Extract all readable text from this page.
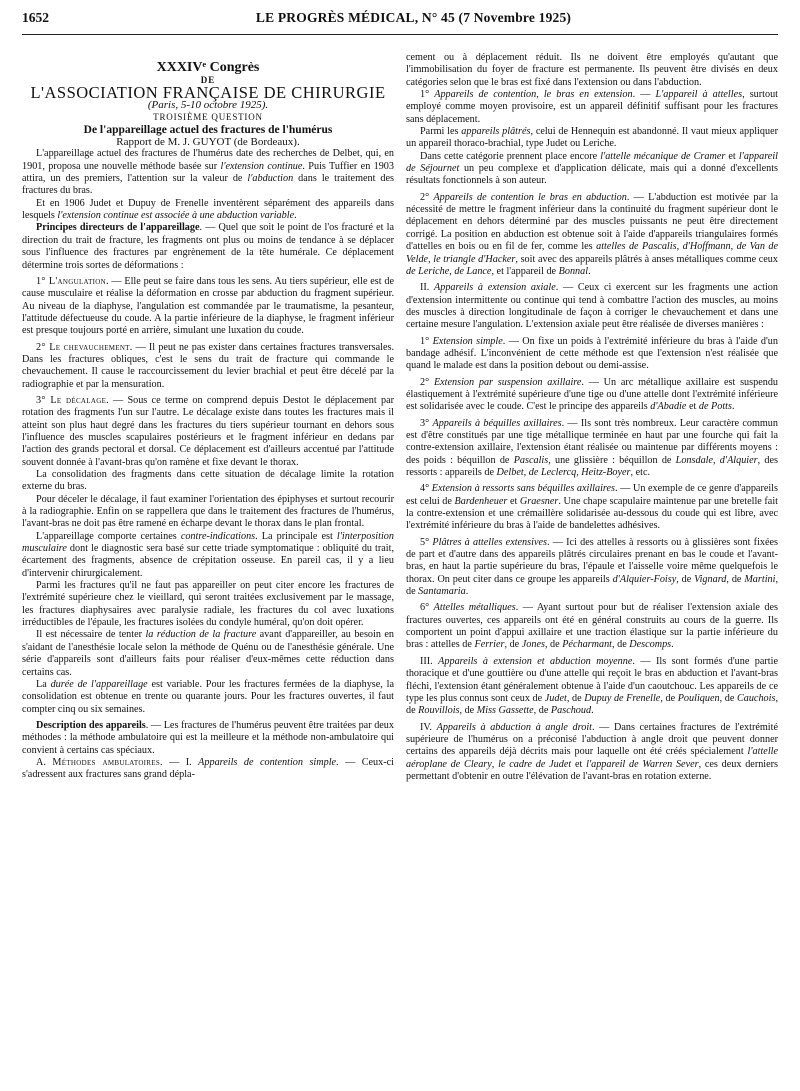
1652	LE PROGRÈS MÉDICAL, N° 45 (7 Novembre 1925)

XXXIVᵉ Congrès

DE

L'ASSOCIATION FRANÇAISE DE CHIRURGIE

(Paris, 5-10 octobre 1925).

TROISIÈME QUESTION

De l'appareillage actuel des fractures de l'humérus

Rapport de M. J. GUYOT (de Bordeaux).

L'appareillage actuel des fractures de l'humérus date des recherches de Delbet, qui, en 1901, proposa une nouvelle méthode basée sur l'extension continue. Puis Tuffier en 1903 attira, un des premiers, l'attention sur la valeur de l'abduction dans le traitement des fractures du bras.

Et en 1906 Judet et Dupuy de Frenelle inventèrent séparément des appareils dans lesquels l'extension continue est associée à une abduction variable.

Principes directeurs de l'appareillage. — Quel que soit le point de l'os fracturé et la direction du trait de fracture, les fragments ont plus ou moins de tendance à se déplacer sous l'influence des fractures par engrènement de la tête humérale. Ce déplacement détermine trois sortes de déformations :

1° L'angulation. — Elle peut se faire dans tous les sens. Au tiers supérieur, elle est de cause musculaire et réalise la déformation en crosse par abduction du fragment supérieur. Au niveau de la diaphyse, l'angulation est commandée par le traumatisme, la pesanteur, l'attitude défectueuse du coude. A la partie inférieure de la diaphyse, le fragment inférieur est presque toujours porté en arrière, simulant une luxation du coude.

2° Le chevauchement. — Il peut ne pas exister dans certaines fractures transversales. Dans les fractures obliques, c'est le sens du trait de fracture qui commande le chevauchement. Il cause le raccourcissement du levier brachial et peut être décelé par la radiographie et par la mensuration.

3° Le décalage. — Sous ce terme on comprend depuis Destot le déplacement par rotation des fragments l'un sur l'autre. Le décalage existe dans toutes les fractures mais il atteint son plus haut degré dans les fractures du tiers supérieur tournant en dehors sous l'influence des muscles scapulaires postérieurs et le fragment inférieur en dedans par l'action des grands pectoral et dorsal. Ce déplacement est d'ailleurs accentué par l'attitude souvent donnée à l'avant-bras qu'on ramène et fixe devant le thorax.

La consolidation des fragments dans cette situation de décalage limite la rotation externe du bras.

Pour déceler le décalage, il faut examiner l'orientation des épiphyses et surtout recourir à la radiographie. Enfin on se rappellera que dans le traitement des fractures de l'humérus, l'avant-bras ne doit pas être ramené en écharpe devant le thorax dans le plan frontal.

L'appareillage comporte certaines contre-indications. La principale est l'interposition musculaire dont le diagnostic sera basé sur cette triade symptomatique : obliquité du trait, écartement des fragments, absence de crépitation osseuse. En pareil cas, il y a lieu d'intervenir chirurgicalement.

Parmi les fractures qu'il ne faut pas appareiller on peut citer encore les fractures de l'extrémité supérieure chez le vieillard, qui seront traitées exclusivement par le massage, les fractures diaphysaires avec paralysie radiale, les fractures du col avec luxations irréductibles de l'épaule, les fractures isolées du condyle huméral, qu'on doit opérer.

Il est nécessaire de tenter la réduction de la fracture avant d'appareiller, au besoin en s'aidant de l'anesthésie locale selon la méthode de Quénu ou de l'anesthésie générale. Une série d'appareils sont d'ailleurs faits pour réaliser d'eux-mêmes cette réduction dans certains cas.

La durée de l'appareillage est variable. Pour les fractures fermées de la diaphyse, la consolidation est obtenue en trente ou quarante jours. Pour les fractures ouvertes, il faut compter cinq ou six semaines.

Description des appareils. — Les fractures de l'humérus peuvent être traitées par deux méthodes : la méthode ambulatoire qui est la meilleure et la méthode non-ambulatoire qui convient à certains cas spéciaux.

A. Méthodes ambulatoires. — I. Appareils de contention simple. — Ceux-ci s'adressent aux fractures sans grand dépla-

cement ou à déplacement réduit. Ils ne doivent être employés qu'autant que l'immobilisation du foyer de fracture est permanente. Ils peuvent être divisés en deux catégories selon que le bras est fixé dans l'extension ou dans l'abduction.

1° Appareils de contention, le bras en extension. — L'appareil à attelles, surtout employé comme moyen provisoire, est un appareil définitif suffisant pour les fractures sans déplacement.

Parmi les appareils plâtrés, celui de Hennequin est abandonné. Il vaut mieux appliquer un appareil thoraco-brachial, type Judet ou Leriche.

Dans cette catégorie prennent place encore l'attelle mécanique de Cramer et l'appareil de Séjournet un peu complexe et d'application délicate, mais qui a donné d'excellents résultats fonctionnels à son auteur.

2° Appareils de contention le bras en abduction. — L'abduction est motivée par la nécessité de mettre le fragment inférieur dans la continuité du fragment supérieur dont le déplacement en dehors déterminé par des muscles puissants ne peut être directement corrigé. La position en abduction est obtenue soit à l'aide d'appareils triangulaires formés d'attelles en bois ou en fil de fer, comme les attelles de Pascalis, d'Hoffmann, de Van de Velde, le triangle d'Hacker, soit avec des appareils plâtrés à anses métalliques comme ceux de Leriche, de Lance, et l'appareil de Bonnal.

II. Appareils à extension axiale. — Ceux ci exercent sur les fragments une action d'extension intermittente ou continue qui tend à combattre l'action des muscles, au moins des muscles à direction longitudinale de façon à corriger le chevauchement et dans une certaine mesure l'angulation. L'extension axiale peut être réalisée de diverses manières :

1° Extension simple. — On fixe un poids à l'extrémité inférieure du bras à l'aide d'un bandage adhésif. L'inconvénient de cette méthode est que l'extension n'est réalisée que quand le malade est dans la position debout ou demi-assise.

2° Extension par suspension axillaire. — Un arc métallique axillaire est suspendu élastiquement à l'extrémité supérieure d'une tige ou d'une attelle dont l'extrémité inférieure est solidarisée avec le coude. C'est le principe des appareils d'Abadie et de Potts.

3° Appareils à béquilles axillaires. — Ils sont très nombreux. Leur caractère commun est d'être constitués par une tige métallique terminée en haut par une fourche qui fait la contre-extension axillaire, l'extension étant réalisée ou maintenue par différents moyens : des poids : béquillon de Pascalis, une glissière : béquillon de Lonsdale, d'Alquier, des ressorts : appareils de Delbet, de Leclercq, Heitz-Boyer, etc.

4° Extension à ressorts sans béquilles axillaires. — Un exemple de ce genre d'appareils est celui de Bardenheuer et Graesner. Une chape scapulaire maintenue par une bretelle fait la contre-extension et une crémaillère solidarisée au-dessous du coude qui est libre, avec l'extrémité inférieure du bras à l'aide de bandelettes adhésives.

5° Plâtres à attelles extensives. — Ici des attelles à ressorts ou à glissières sont fixées de part et d'autre dans des appareils plâtrés circulaires prenant en bas le coude et l'avant-bras, en haut la partie supérieure du bras, l'épaule et l'aisselle voire même quelquefois le thorax. On peut citer dans ce groupe les appareils d'Alquier-Foisy, de Vignard, de Martini, de Santamaria.

6° Attelles métalliques. — Ayant surtout pour but de réaliser l'extension axiale des fractures ouvertes, ces appareils ont été en général construits au cours de la guerre. Ils comportent un point d'appui axillaire et une traction élastique sur la partie inférieure du bras : attelles de Ferrier, de Jones, de Pécharmant, de Descomps.

III. Appareils à extension et abduction moyenne. — Ils sont formés d'une partie thoracique et d'une gouttière ou d'une attelle qui reçoit le bras en abduction et l'avant-bras fléchi, l'extension étant généralement obtenue à l'aide d'un caoutchouc. Les appareils de ce type les plus connus sont ceux de Judet, de Dupuy de Frenelle, de Pouliquen, de Cauchois, de Rouvillois, de Miss Gassette, de Paschoud.

IV. Appareils à abduction à angle droit. — Dans certaines fractures de l'extrémité supérieure de l'humérus on a préconisé l'abduction à angle droit que peuvent donner certains des appareils déjà décrits mais pour laquelle ont été créés spécialement l'attelle aéroplane de Cleary, le cadre de Judet et l'appareil de Warren Sever, ces deux derniers permettant d'obtenir en outre l'élévation de l'avant-bras en rotation externe.
